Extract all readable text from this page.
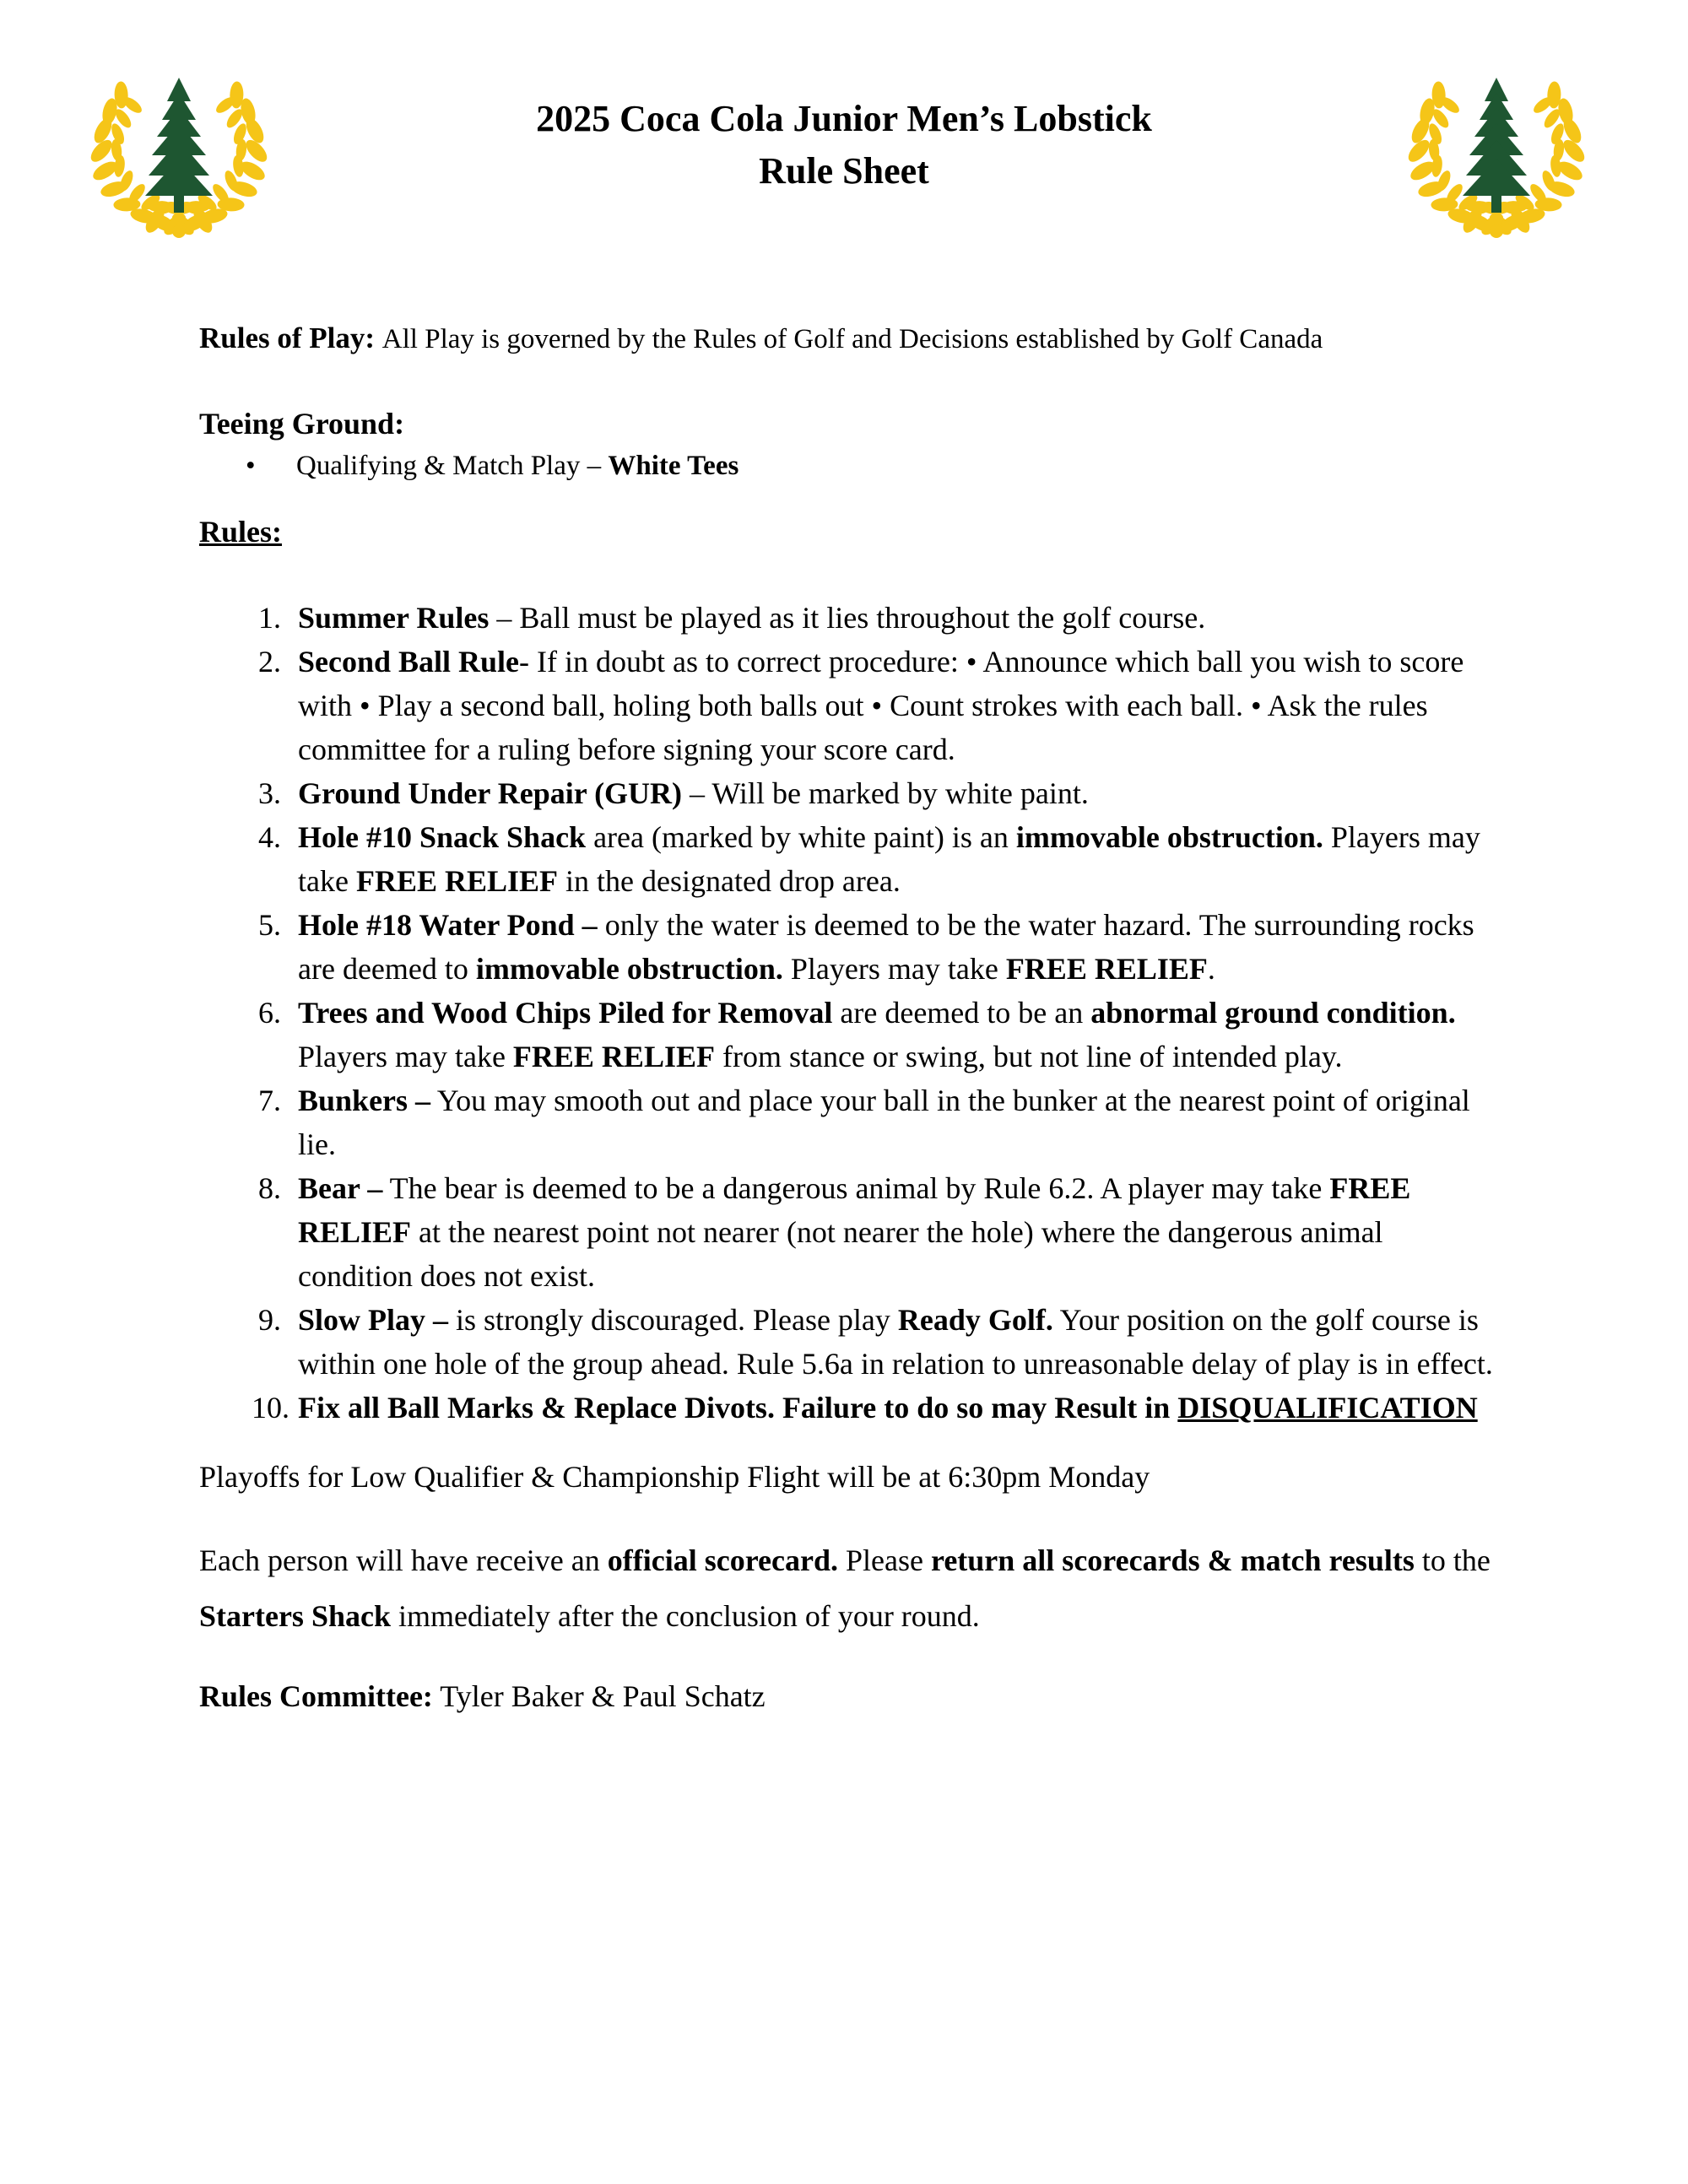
2025 Coca Cola Junior Men’s Lobstick
Rule Sheet

Rules of Play: All Play is governed by the Rules of Golf and Decisions established by Golf Canada

Teeing Ground:

•	Qualifying & Match Play – White Tees

Rules:

1. Summer Rules – Ball must be played as it lies throughout the golf course.
2. Second Ball Rule- If in doubt as to correct procedure: • Announce which ball you wish to score with • Play a second ball, holing both balls out • Count strokes with each ball. • Ask the rules committee for a ruling before signing your score card.
3. Ground Under Repair (GUR) – Will be marked by white paint.
4. Hole #10 Snack Shack area (marked by white paint) is an immovable obstruction. Players may take FREE RELIEF in the designated drop area.
5. Hole #18 Water Pond – only the water is deemed to be the water hazard. The surrounding rocks are deemed to immovable obstruction. Players may take FREE RELIEF.
6. Trees and Wood Chips Piled for Removal are deemed to be an abnormal ground condition. Players may take FREE RELIEF from stance or swing, but not line of intended play.
7. Bunkers – You may smooth out and place your ball in the bunker at the nearest point of original lie.
8. Bear – The bear is deemed to be a dangerous animal by Rule 6.2. A player may take FREE RELIEF at the nearest point not nearer (not nearer the hole) where the dangerous animal condition does not exist.
9. Slow Play – is strongly discouraged. Please play Ready Golf. Your position on the golf course is within one hole of the group ahead. Rule 5.6a in relation to unreasonable delay of play is in effect.
10. Fix all Ball Marks & Replace Divots. Failure to do so may Result in DISQUALIFICATION

Playoffs for Low Qualifier & Championship Flight will be at 6:30pm Monday

Each person will have receive an official scorecard. Please return all scorecards & match results to the Starters Shack immediately after the conclusion of your round.

Rules Committee: Tyler Baker & Paul Schatz
